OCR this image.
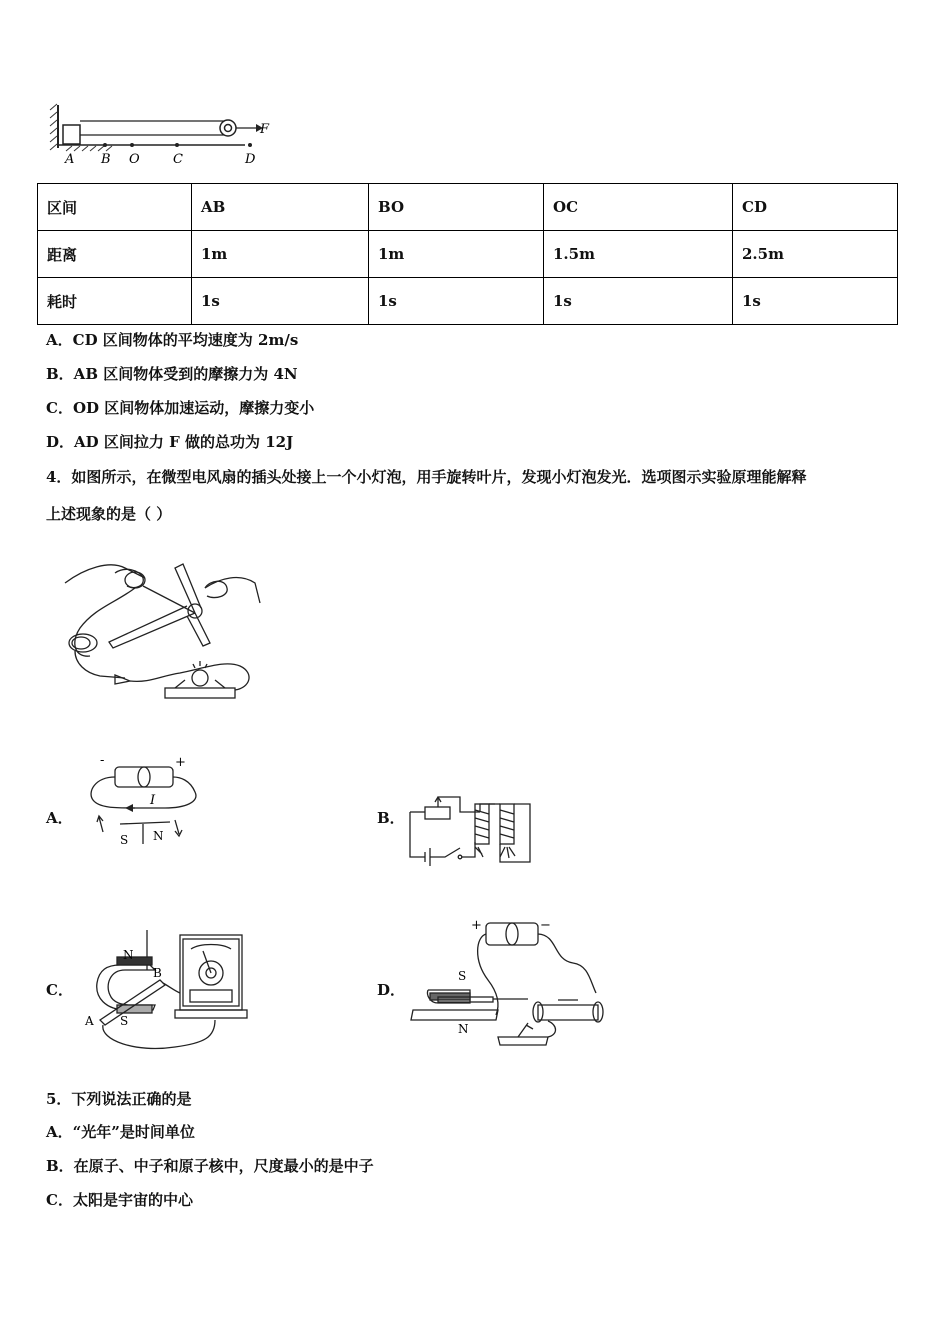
F
A B O	C	D
区间	AB	BO	OC	CD
距离	1m	1m	1.5m	2.5m
耗时	1s	1s	1s	1s
A．CD 区间物体的平均速度为 2m/s
B．AB 区间物体受到的摩擦力为 4N
C．OD 区间物体加速运动，摩擦力变小
D．AD 区间拉力 F 做的总功为 12J
4．如图所示，在微型电风扇的插头处接上一个小灯泡，用手旋转叶片，发现小灯泡发光．选项图示实验原理能解释
上述现象的是（ ）
A．
-	+
I
S N
B．
C．
N
B
A S
D．
+	−
S
N
5．下列说法正确的是
A．“光年”是时间单位
B．在原子、中子和原子核中，尺度最小的是中子
C．太阳是宇宙的中心
